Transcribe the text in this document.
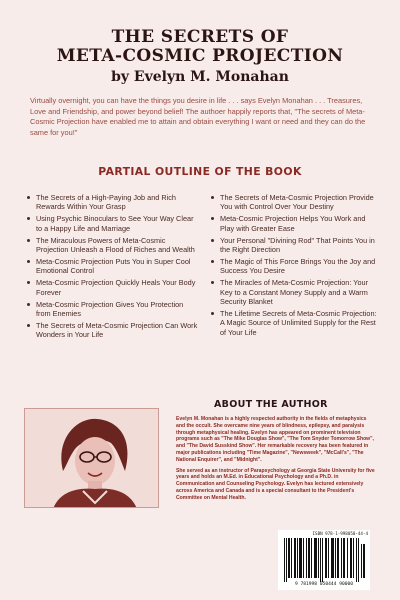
THE SECRETS OF
META-COSMIC PROJECTION
by Evelyn M. Monahan
Virtually overnight, you can have the things you desire in life . . . says Evelyn Monahan . . . Treasures, Love and Friendship, and power beyond belief! The authoer happily reports that, "The secrets of Meta-Cosmic Projection have enabled me to attain and obtain everything I want or need and they can do the same for you!"
PARTIAL OUTLINE OF THE BOOK
The Secrets of a High-Paying Job and Rich Rewards Within Your Grasp
Using Psychic Binoculars to See Your Way Clear to a Happy Life and Marriage
The Miraculous Powers of Meta-Cosmic Projection Unleash a Flood of Riches and Wealth
Meta-Cosmic Projection Puts You in Super Cool Emotional Control
Meta-Cosmic Projection Quickly Heals Your Body Forever
Meta-Cosmic Projection Gives You Protection from Enemies
The Secrets of Meta-Cosmic Projection Can Work Wonders in Your Life
The Secrets of Meta-Cosmic Projection Provide You with Control Over Your Destiny
Meta-Cosmic Projection Helps You Work and Play with Greater Ease
Your Personal "Divining Rod" That Points You in the Right Direction
The Magic of This Force Brings You the Joy and Success You Desire
The Miracles of Meta-Cosmic Projection: Your Key to a Constant Money Supply and a Warm Security Blanket
The Lifetime Secrets of Meta-Cosmic Projection: A Magic Source of Unlimited Supply for the Rest of Your Life
ABOUT THE AUTHOR

Evelyn M. Monahan is a highly respected authority in the fields of metaphysics and the occult. She overcame nine years of blindness, epilepsy, and paralysis through metaphysical healing. Evelyn has appeared on prominent television programs such as "The Mike Douglas Show", "The Tom Snyder Tomorrow Show", and "The David Susskind Show". Her remarkable recovery has been featured in major publications including "Time Magazine", "Newsweek", "McCall's", "The National Enquirer", and "Midnight".

She served as an instructor of Parapsychology at Georgia State University for five years and holds an M.Ed. in Educational Psychology and a Ph.D. in Communication and Counseling Psychology. Evelyn has lectured extensively across America and Canada and is a special consultant to the President's Committee on Mental Health.

ISBN 978-1-998050-44-4
9 781998 050444 90000
